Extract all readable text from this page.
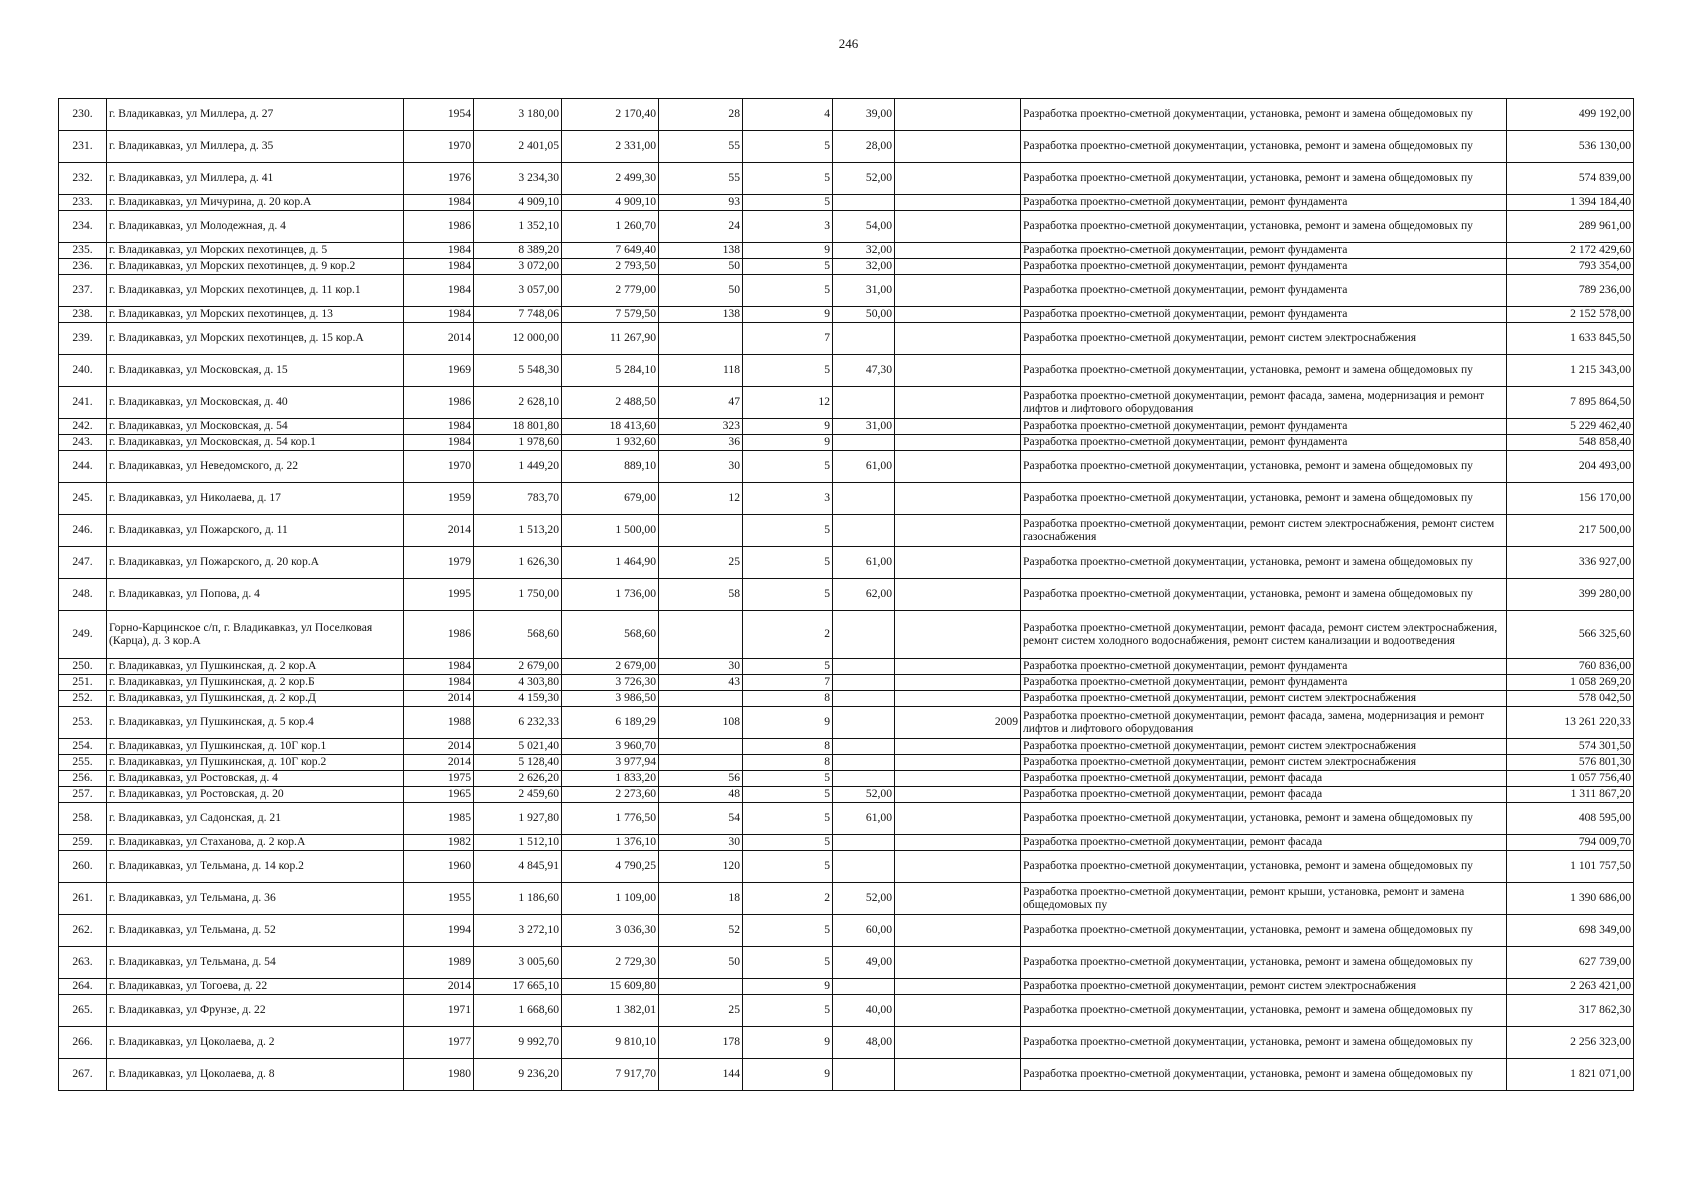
246
230.	г. Владикавказ, ул Миллера, д. 27	1954	3 180,00	2 170,40	28	4	39,00		Разработка проектно-сметной документации, установка, ремонт и замена общедомовых пу	499 192,00
231.	г. Владикавказ, ул Миллера, д. 35	1970	2 401,05	2 331,00	55	5	28,00		Разработка проектно-сметной документации, установка, ремонт и замена общедомовых пу	536 130,00
232.	г. Владикавказ, ул Миллера, д. 41	1976	3 234,30	2 499,30	55	5	52,00		Разработка проектно-сметной документации, установка, ремонт и замена общедомовых пу	574 839,00
233.	г. Владикавказ, ул Мичурина, д. 20 кор.А	1984	4 909,10	4 909,10	93	5			Разработка проектно-сметной документации, ремонт фундамента	1 394 184,40
234.	г. Владикавказ, ул Молодежная, д. 4	1986	1 352,10	1 260,70	24	3	54,00		Разработка проектно-сметной документации, установка, ремонт и замена общедомовых пу	289 961,00
235.	г. Владикавказ, ул Морских пехотинцев, д. 5	1984	8 389,20	7 649,40	138	9	32,00		Разработка проектно-сметной документации, ремонт фундамента	2 172 429,60
236.	г. Владикавказ, ул Морских пехотинцев, д. 9 кор.2	1984	3 072,00	2 793,50	50	5	32,00		Разработка проектно-сметной документации, ремонт фундамента	793 354,00
237.	г. Владикавказ, ул Морских пехотинцев, д. 11 кор.1	1984	3 057,00	2 779,00	50	5	31,00		Разработка проектно-сметной документации, ремонт фундамента	789 236,00
238.	г. Владикавказ, ул Морских пехотинцев, д. 13	1984	7 748,06	7 579,50	138	9	50,00		Разработка проектно-сметной документации, ремонт фундамента	2 152 578,00
239.	г. Владикавказ, ул Морских пехотинцев, д. 15 кор.А	2014	12 000,00	11 267,90		7			Разработка проектно-сметной документации, ремонт систем электроснабжения	1 633 845,50
240.	г. Владикавказ, ул Московская, д. 15	1969	5 548,30	5 284,10	118	5	47,30		Разработка проектно-сметной документации, установка, ремонт и замена общедомовых пу	1 215 343,00
241.	г. Владикавказ, ул Московская, д. 40	1986	2 628,10	2 488,50	47	12			Разработка проектно-сметной документации, ремонт фасада, замена, модернизация и ремонт лифтов и лифтового оборудования	7 895 864,50
242.	г. Владикавказ, ул Московская, д. 54	1984	18 801,80	18 413,60	323	9	31,00		Разработка проектно-сметной документации, ремонт фундамента	5 229 462,40
243.	г. Владикавказ, ул Московская, д. 54 кор.1	1984	1 978,60	1 932,60	36	9			Разработка проектно-сметной документации, ремонт фундамента	548 858,40
244.	г. Владикавказ, ул Неведомского, д. 22	1970	1 449,20	889,10	30	5	61,00		Разработка проектно-сметной документации, установка, ремонт и замена общедомовых пу	204 493,00
245.	г. Владикавказ, ул Николаева, д. 17	1959	783,70	679,00	12	3			Разработка проектно-сметной документации, установка, ремонт и замена общедомовых пу	156 170,00
246.	г. Владикавказ, ул Пожарского, д. 11	2014	1 513,20	1 500,00		5			Разработка проектно-сметной документации, ремонт систем электроснабжения, ремонт систем газоснабжения	217 500,00
247.	г. Владикавказ, ул Пожарского, д. 20 кор.А	1979	1 626,30	1 464,90	25	5	61,00		Разработка проектно-сметной документации, установка, ремонт и замена общедомовых пу	336 927,00
248.	г. Владикавказ, ул Попова, д. 4	1995	1 750,00	1 736,00	58	5	62,00		Разработка проектно-сметной документации, установка, ремонт и замена общедомовых пу	399 280,00
249.	Горно-Карцинское с/п, г. Владикавказ, ул Поселковая (Карца), д. 3 кор.А	1986	568,60	568,60		2			Разработка проектно-сметной документации, ремонт фасада, ремонт систем электроснабжения, ремонт систем холодного водоснабжения, ремонт систем канализации и водоотведения	566 325,60
250.	г. Владикавказ, ул Пушкинская, д. 2 кор.А	1984	2 679,00	2 679,00	30	5			Разработка проектно-сметной документации, ремонт фундамента	760 836,00
251.	г. Владикавказ, ул Пушкинская, д. 2 кор.Б	1984	4 303,80	3 726,30	43	7			Разработка проектно-сметной документации, ремонт фундамента	1 058 269,20
252.	г. Владикавказ, ул Пушкинская, д. 2 кор.Д	2014	4 159,30	3 986,50		8			Разработка проектно-сметной документации, ремонт систем электроснабжения	578 042,50
253.	г. Владикавказ, ул Пушкинская, д. 5 кор.4	1988	6 232,33	6 189,29	108	9		2009	Разработка проектно-сметной документации, ремонт фасада, замена, модернизация и ремонт лифтов и лифтового оборудования	13 261 220,33
254.	г. Владикавказ, ул Пушкинская, д. 10Г кор.1	2014	5 021,40	3 960,70		8			Разработка проектно-сметной документации, ремонт систем электроснабжения	574 301,50
255.	г. Владикавказ, ул Пушкинская, д. 10Г кор.2	2014	5 128,40	3 977,94		8			Разработка проектно-сметной документации, ремонт систем электроснабжения	576 801,30
256.	г. Владикавказ, ул Ростовская, д. 4	1975	2 626,20	1 833,20	56	5			Разработка проектно-сметной документации, ремонт фасада	1 057 756,40
257.	г. Владикавказ, ул Ростовская, д. 20	1965	2 459,60	2 273,60	48	5	52,00		Разработка проектно-сметной документации, ремонт фасада	1 311 867,20
258.	г. Владикавказ, ул Садонская, д. 21	1985	1 927,80	1 776,50	54	5	61,00		Разработка проектно-сметной документации, установка, ремонт и замена общедомовых пу	408 595,00
259.	г. Владикавказ, ул Стаханова, д. 2 кор.А	1982	1 512,10	1 376,10	30	5			Разработка проектно-сметной документации, ремонт фасада	794 009,70
260.	г. Владикавказ, ул Тельмана, д. 14 кор.2	1960	4 845,91	4 790,25	120	5			Разработка проектно-сметной документации, установка, ремонт и замена общедомовых пу	1 101 757,50
261.	г. Владикавказ, ул Тельмана, д. 36	1955	1 186,60	1 109,00	18	2	52,00		Разработка проектно-сметной документации, ремонт крыши, установка, ремонт и замена общедомовых пу	1 390 686,00
262.	г. Владикавказ, ул Тельмана, д. 52	1994	3 272,10	3 036,30	52	5	60,00		Разработка проектно-сметной документации, установка, ремонт и замена общедомовых пу	698 349,00
263.	г. Владикавказ, ул Тельмана, д. 54	1989	3 005,60	2 729,30	50	5	49,00		Разработка проектно-сметной документации, установка, ремонт и замена общедомовых пу	627 739,00
264.	г. Владикавказ, ул Тогоева, д. 22	2014	17 665,10	15 609,80		9			Разработка проектно-сметной документации, ремонт систем электроснабжения	2 263 421,00
265.	г. Владикавказ, ул Фрунзе, д. 22	1971	1 668,60	1 382,01	25	5	40,00		Разработка проектно-сметной документации, установка, ремонт и замена общедомовых пу	317 862,30
266.	г. Владикавказ, ул Цоколаева, д. 2	1977	9 992,70	9 810,10	178	9	48,00		Разработка проектно-сметной документации, установка, ремонт и замена общедомовых пу	2 256 323,00
267.	г. Владикавказ, ул Цоколаева, д. 8	1980	9 236,20	7 917,70	144	9			Разработка проектно-сметной документации, установка, ремонт и замена общедомовых пу	1 821 071,00
